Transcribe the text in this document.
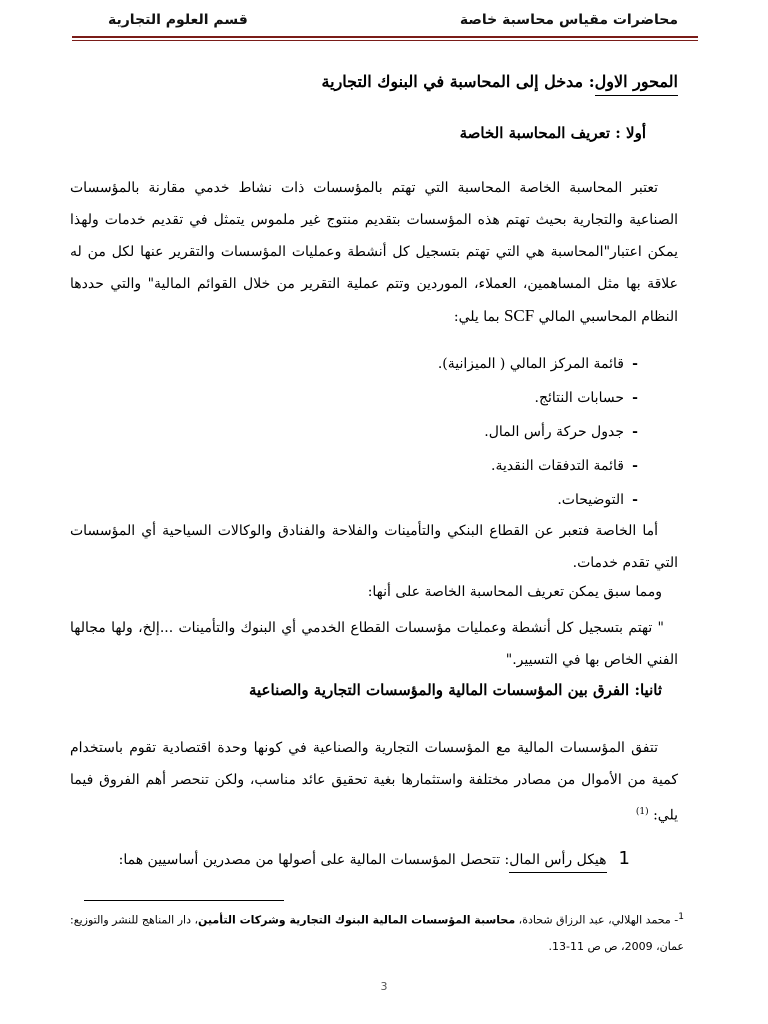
محاضرات مقياس محاسبة خاصة
قسم العلوم التجارية
المحور الاول: مدخل إلى المحاسبة في البنوك التجارية
أولا : تعريف المحاسبة الخاصة
تعتبر المحاسبة الخاصة المحاسبة التي تهتم بالمؤسسات ذات نشاط خدمي مقارنة بالمؤسسات الصناعية والتجارية بحيث تهتم هذه المؤسسات بتقديم منتوج غير ملموس يتمثل في تقديم خدمات ولهذا يمكن اعتبار"المحاسبة هي التي تهتم بتسجيل كل أنشطة وعمليات المؤسسات والتقرير عنها لكل من له علاقة بها مثل المساهمين، العملاء، الموردين وتتم عملية التقرير من خلال القوائم المالية" والتي حددها النظام المحاسبي المالي SCF بما يلي:
-قائمة المركز المالي ( الميزانية).
-حسابات النتائج.
-جدول حركة رأس المال.
-قائمة التدفقات النقدية.
-التوضيحات.
أما الخاصة فتعبر عن القطاع البنكي والتأمينات والفلاحة والفنادق والوكالات السياحية أي المؤسسات التي تقدم خدمات.
ومما سبق يمكن تعريف المحاسبة الخاصة على أنها:
" تهتم بتسجيل كل أنشطة وعمليات مؤسسات القطاع الخدمي أي البنوك والتأمينات ...إلخ، ولها مجالها الفني الخاص بها في التسيير."
ثانيا: الفرق بين المؤسسات المالية والمؤسسات التجارية والصناعية
تتفق المؤسسات المالية مع المؤسسات التجارية والصناعية في كونها وحدة اقتصادية تقوم باستخدام كمية من الأموال من مصادر مختلفة واستثمارها بغية تحقيق عائد مناسب، ولكن تنحصر أهم الفروق فيما يلي: $^{(1)}$
1هيكل رأس المال: تتحصل المؤسسات المالية على أصولها من مصدرين أساسيين هما:
$^1$- محمد الهلالي، عبد الرزاق شحادة، محاسبة المؤسسات المالية البنوك التجارية وشركات التأمين، دار المناهج للنشر والتوزيع: عمان، 2009، ص ص 11-13.
3
